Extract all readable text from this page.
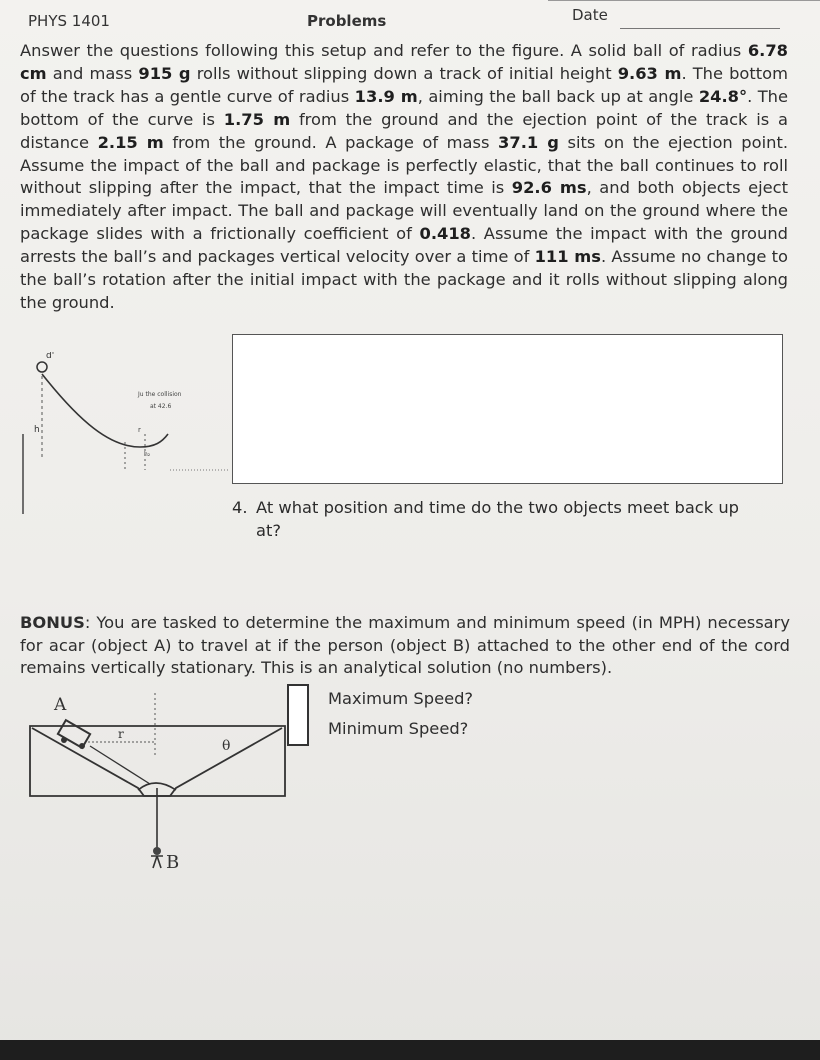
PHYS 1401	Problems	Date
Answer the questions following this setup and refer to the figure. A solid ball of radius 6.78 cm and mass 915 g rolls without slipping down a track of initial height 9.63 m. The bottom of the track has a gentle curve of radius 13.9 m, aiming the ball back up at angle 24.8°. The bottom of the curve is 1.75 m from the ground and the ejection point of the track is a distance 2.15 m from the ground. A package of mass 37.1 g sits on the ejection point. Assume the impact of the ball and package is perfectly elastic, that the ball continues to roll without slipping after the impact, that the impact time is 92.6 ms, and both objects eject immediately after impact. The ball and package will eventually land on the ground where the package slides with a frictionally coefficient of 0.418. Assume the impact with the ground arrests the ball’s and packages vertical velocity over a time of 111 ms. Assume no change to the ball’s rotation after the initial impact with the package and it rolls without slipping along the ground.
d'
h	r
Ju the collision
at 42.6
h₂
4. At what position and time do the two objects meet back up
at?
BONUS: You are tasked to determine the maximum and minimum speed (in MPH) necessary for acar (object A) to travel at if the person (object B) attached to the other end of the cord remains vertically stationary. This is an analytical solution (no numbers).
A
r
θ
B
Maximum Speed?
Minimum Speed?
